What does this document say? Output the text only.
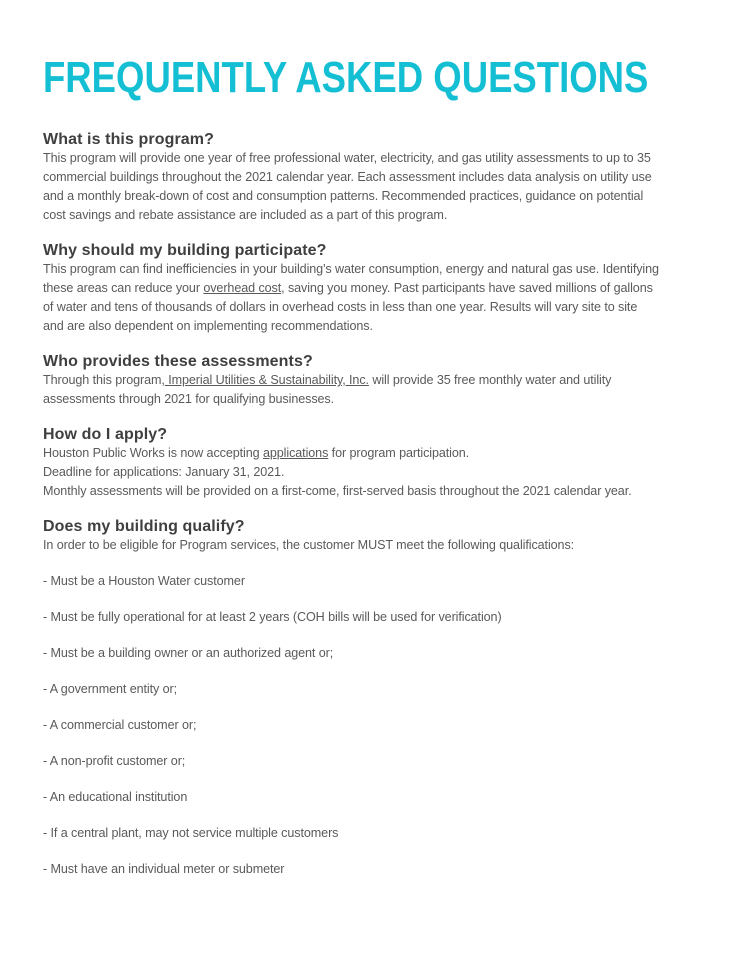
FREQUENTLY ASKED QUESTIONS
What is this program?

This program will provide one year of free professional water, electricity, and gas utility assessments to up to 35

commercial buildings throughout the 2021 calendar year. Each assessment includes data analysis on utility use

and a monthly break-down of cost and consumption patterns. Recommended practices, guidance on potential

cost savings and rebate assistance are included as a part of this program.

Why should my building participate?

This program can find inefficiencies in your building's water consumption, energy and natural gas use. Identifying

these areas can reduce your overhead cost, saving you money. Past participants have saved millions of gallons

of water and tens of thousands of dollars in overhead costs in less than one year. Results will vary site to site

and are also dependent on implementing recommendations.

Who provides these assessments?

Through this program, Imperial Utilities & Sustainability, Inc. will provide 35 free monthly water and utility

assessments through 2021 for qualifying businesses.

How do I apply?

Houston Public Works is now accepting applications for program participation.

Deadline for applications: January 31, 2021.

Monthly assessments will be provided on a first-come, first-served basis throughout the 2021 calendar year.

Does my building qualify?

In order to be eligible for Program services, the customer MUST meet the following qualifications:

- Must be a Houston Water customer

- Must be fully operational for at least 2 years (COH bills will be used for verification)

- Must be a building owner or an authorized agent or;

- A government entity or;

- A commercial customer or;

- A non-profit customer or;

- An educational institution

- If a central plant, may not service multiple customers

- Must have an individual meter or submeter
